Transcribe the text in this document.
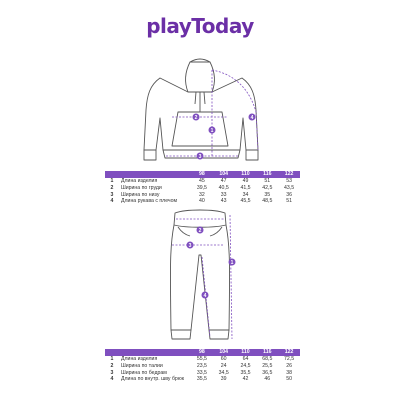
playToday
1
2
3
4
		98	104	110	116	122
1	Длина изделия	45	47	49	51	53
2	Ширина по груди	39,5	40,5	41,5	42,5	43,5
3	Ширина по низу	32	33	34	35	36
4	Длина рукава с плечом	40	43	45,5	48,5	51
1
2
3
4
		98	104	110	116	122
1	Длина изделия	55,5	60	64	68,5	72,5
2	Ширина по талии	23,5	24	24,5	25,5	26
3	Ширина по бедрам	33,5	34,5	35,5	36,5	38
4	Длина по внутр. шву брюк	35,5	39	42	46	50
